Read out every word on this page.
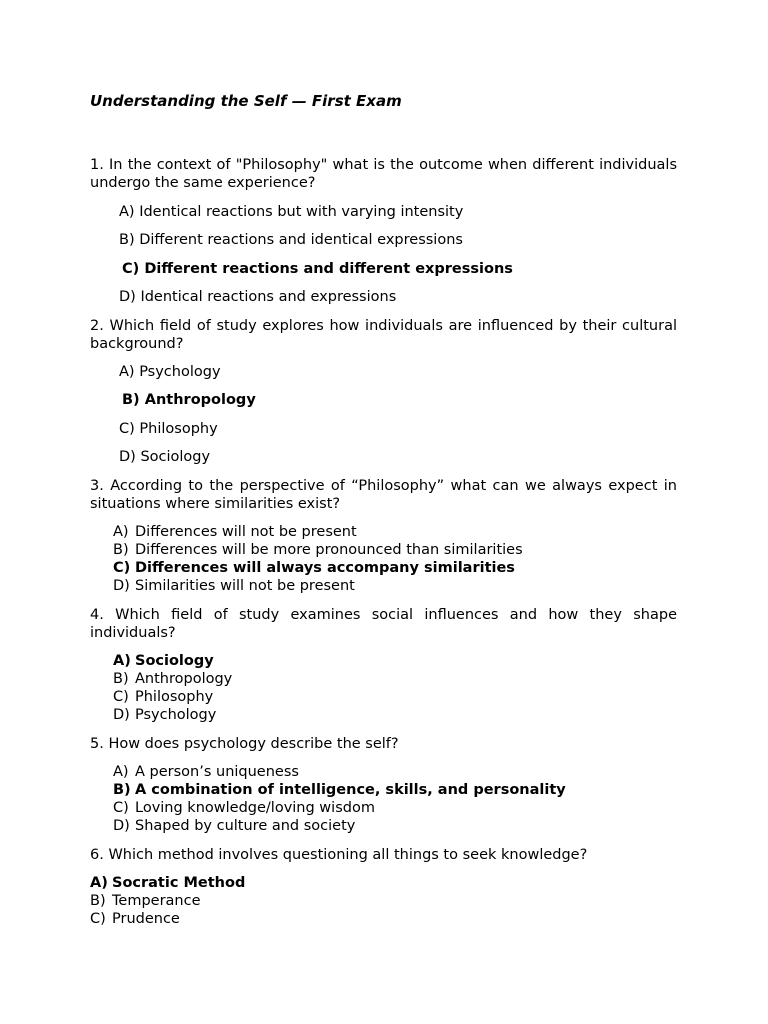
Understanding the Self — First Exam
1. In the context of "Philosophy" what is the outcome when different individuals undergo the same experience?
A) Identical reactions but with varying intensity
B) Different reactions and identical expressions
C) Different reactions and different expressions
D) Identical reactions and expressions
2. Which field of study explores how individuals are influenced by their cultural background?
A) Psychology
B) Anthropology
C) Philosophy
D) Sociology
3. According to the perspective of “Philosophy” what can we always expect in situations where similarities exist?
A) Differences will not be present
B) Differences will be more pronounced than similarities
C) Differences will always accompany similarities
D) Similarities will not be present
4. Which field of study examines social influences and how they shape individuals?
A) Sociology
B) Anthropology
C) Philosophy
D) Psychology
5. How does psychology describe the self?
A) A person’s uniqueness
B) A combination of intelligence, skills, and personality
C) Loving knowledge/loving wisdom
D) Shaped by culture and society
6. Which method involves questioning all things to seek knowledge?
A) Socratic Method
B) Temperance
C) Prudence
